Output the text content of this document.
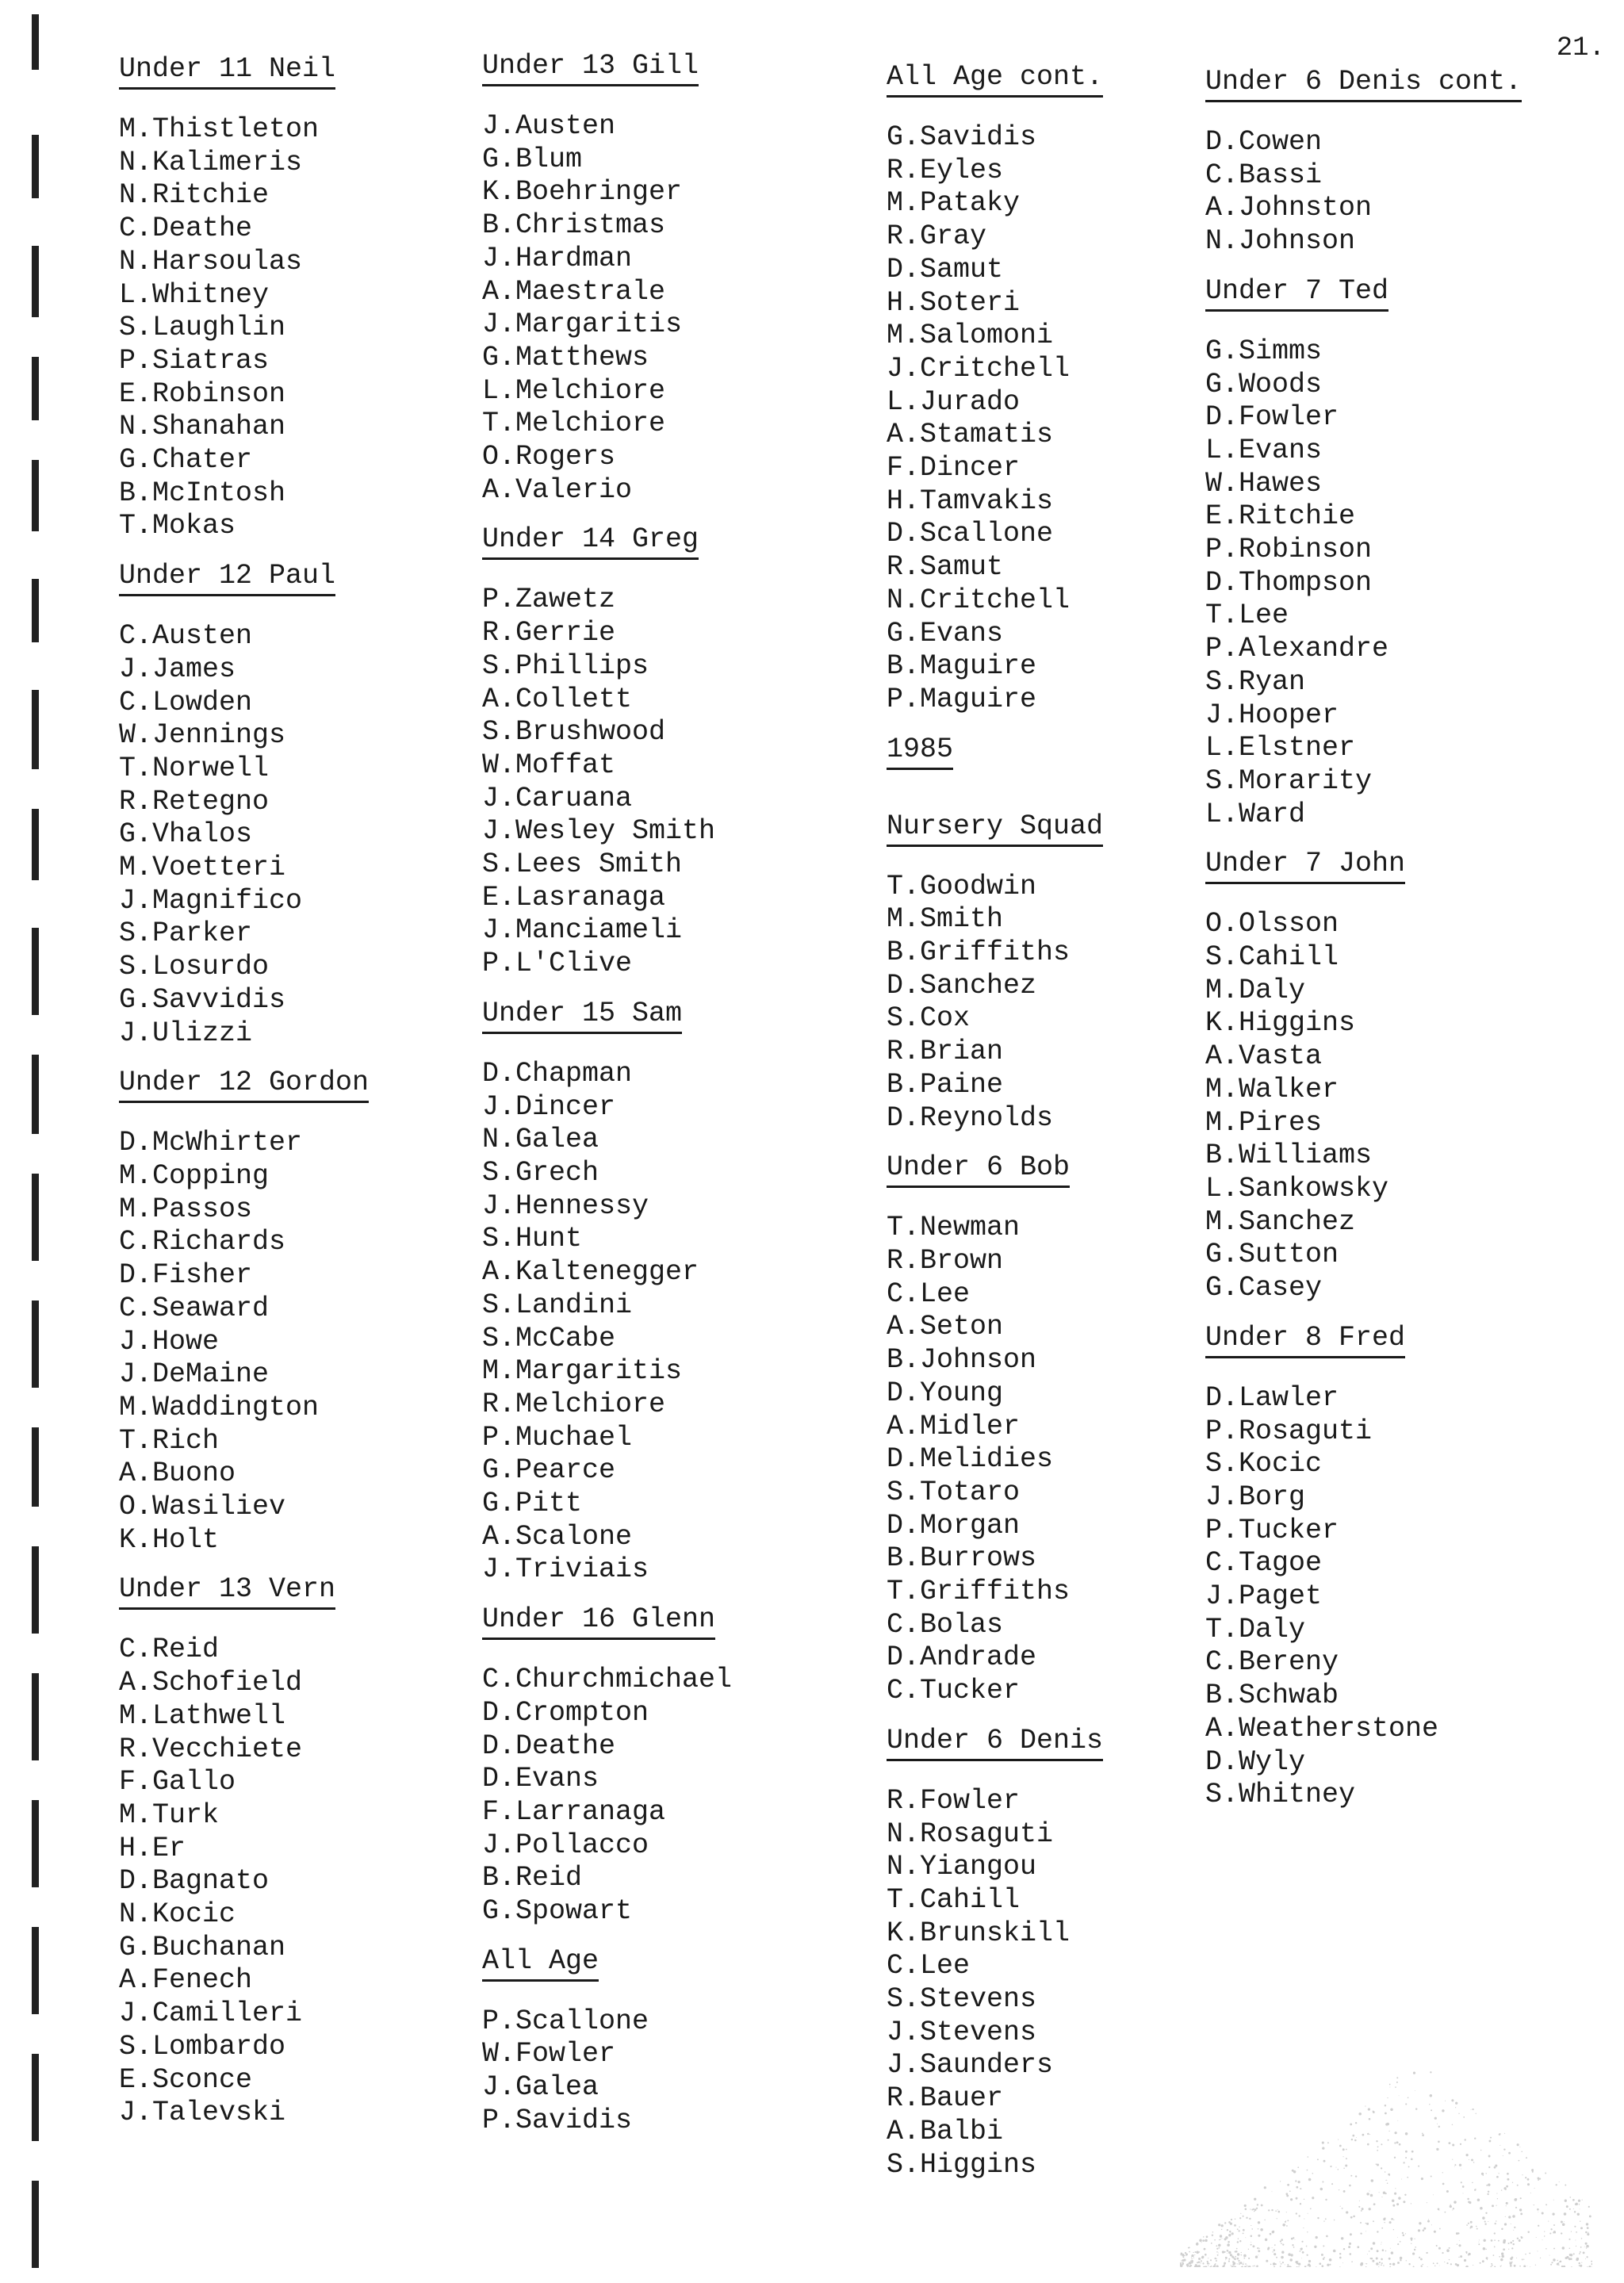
21.
Under 11 Neil
M.Thistleton
N.Kalimeris
N.Ritchie
C.Deathe
N.Harsoulas
L.Whitney
S.Laughlin
P.Siatras
E.Robinson
N.Shanahan
G.Chater
B.McIntosh
T.Mokas
Under 12 Paul
C.Austen
J.James
C.Lowden
W.Jennings
T.Norwell
R.Retegno
G.Vhalos
M.Voetteri
J.Magnifico
S.Parker
S.Losurdo
G.Savvidis
J.Ulizzi
Under 12 Gordon
D.McWhirter
M.Copping
M.Passos
C.Richards
D.Fisher
C.Seaward
J.Howe
J.DeMaine
M.Waddington
T.Rich
A.Buono
O.Wasiliev
K.Holt
Under 13 Vern
C.Reid
A.Schofield
M.Lathwell
R.Vecchiete
F.Gallo
M.Turk
H.Er
D.Bagnato
N.Kocic
G.Buchanan
A.Fenech
J.Camilleri
S.Lombardo
E.Sconce
J.Talevski
Under 13 Gill
J.Austen
G.Blum
K.Boehringer
B.Christmas
J.Hardman
A.Maestrale
J.Margaritis
G.Matthews
L.Melchiore
T.Melchiore
O.Rogers
A.Valerio
Under 14 Greg
P.Zawetz
R.Gerrie
S.Phillips
A.Collett
S.Brushwood
W.Moffat
J.Caruana
J.Wesley Smith
S.Lees Smith
E.Lasranaga
J.Manciameli
P.L'Clive
Under 15 Sam
D.Chapman
J.Dincer
N.Galea
S.Grech
J.Hennessy
S.Hunt
A.Kaltenegger
S.Landini
S.McCabe
M.Margaritis
R.Melchiore
P.Muchael
G.Pearce
G.Pitt
A.Scalone
J.Triviais
Under 16 Glenn
C.Churchmichael
D.Crompton
D.Deathe
D.Evans
F.Larranaga
J.Pollacco
B.Reid
G.Spowart
All Age
P.Scallone
W.Fowler
J.Galea
P.Savidis
All Age cont.
G.Savidis
R.Eyles
M.Pataky
R.Gray
D.Samut
H.Soteri
M.Salomoni
J.Critchell
L.Jurado
A.Stamatis
F.Dincer
H.Tamvakis
D.Scallone
R.Samut
N.Critchell
G.Evans
B.Maguire
P.Maguire
1985
Nursery Squad
T.Goodwin
M.Smith
B.Griffiths
D.Sanchez
S.Cox
R.Brian
B.Paine
D.Reynolds
Under 6 Bob
T.Newman
R.Brown
C.Lee
A.Seton
B.Johnson
D.Young
A.Midler
D.Melidies
S.Totaro
D.Morgan
B.Burrows
T.Griffiths
C.Bolas
D.Andrade
C.Tucker
Under 6 Denis
R.Fowler
N.Rosaguti
N.Yiangou
T.Cahill
K.Brunskill
C.Lee
S.Stevens
J.Stevens
J.Saunders
R.Bauer
A.Balbi
S.Higgins
Under 6 Denis cont.
D.Cowen
C.Bassi
A.Johnston
N.Johnson
Under 7 Ted
G.Simms
G.Woods
D.Fowler
L.Evans
W.Hawes
E.Ritchie
P.Robinson
D.Thompson
T.Lee
P.Alexandre
S.Ryan
J.Hooper
L.Elstner
S.Morarity
L.Ward
Under 7 John
O.Olsson
S.Cahill
M.Daly
K.Higgins
A.Vasta
M.Walker
M.Pires
B.Williams
L.Sankowsky
M.Sanchez
G.Sutton
G.Casey
Under 8 Fred
D.Lawler
P.Rosaguti
S.Kocic
J.Borg
P.Tucker
C.Tagoe
J.Paget
T.Daly
C.Bereny
B.Schwab
A.Weatherstone
D.Wyly
S.Whitney
